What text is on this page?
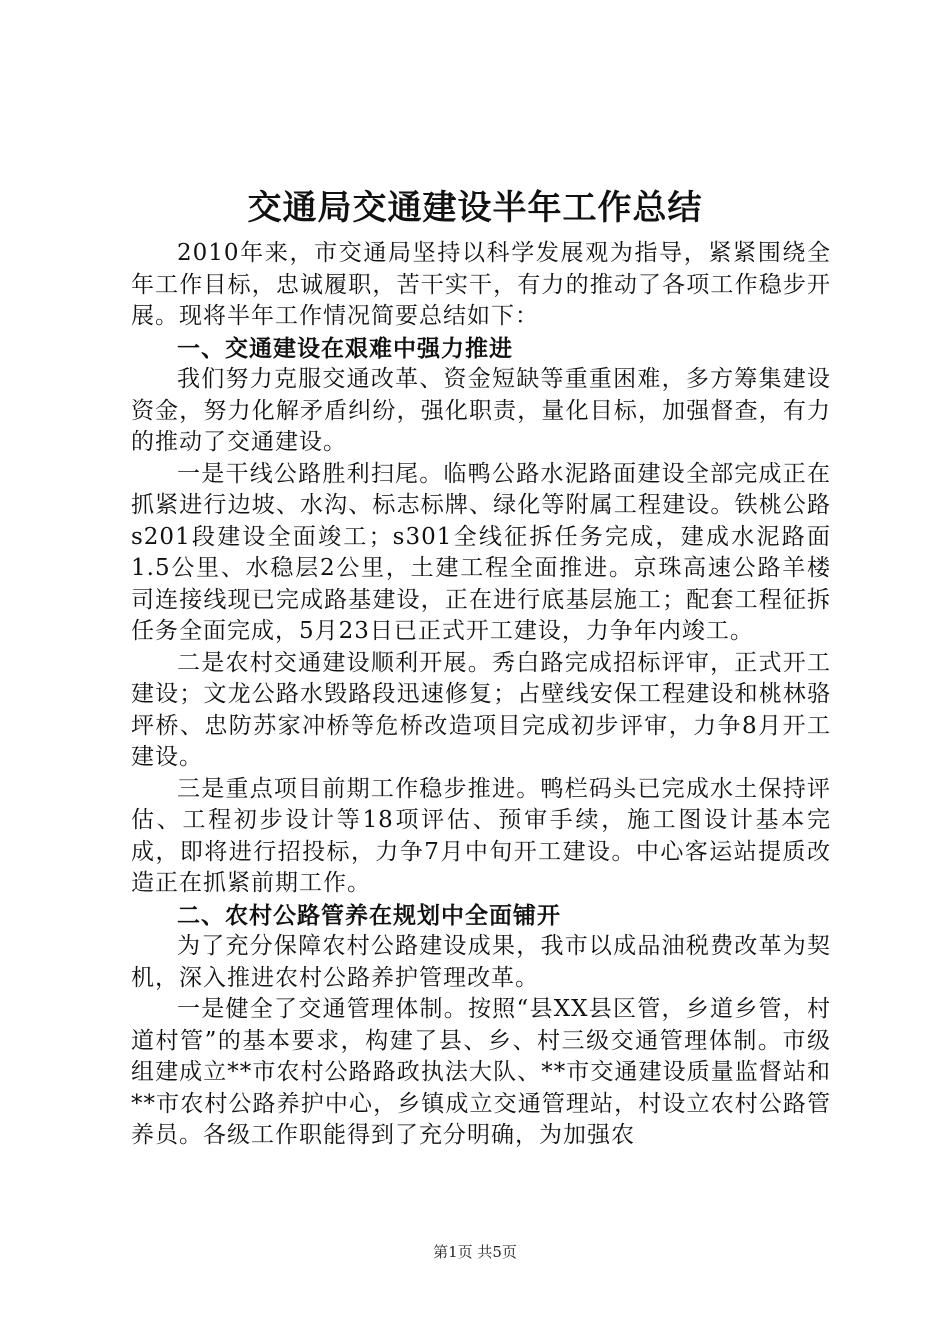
交通局交通建设半年工作总结

2010年来，市交通局坚持以科学发展观为指导，紧紧围绕全年工作目标，忠诚履职，苦干实干，有力的推动了各项工作稳步开展。现将半年工作情况简要总结如下：

一、交通建设在艰难中强力推进

我们努力克服交通改革、资金短缺等重重困难，多方筹集建设资金，努力化解矛盾纠纷，强化职责，量化目标，加强督查，有力的推动了交通建设。

一是干线公路胜利扫尾。临鸭公路水泥路面建设全部完成正在抓紧进行边坡、水沟、标志标牌、绿化等附属工程建设。铁桃公路s201段建设全面竣工；s301全线征拆任务完成，建成水泥路面1.5公里、水稳层2公里，土建工程全面推进。京珠高速公路羊楼司连接线现已完成路基建设，正在进行底基层施工；配套工程征拆任务全面完成，5月23日已正式开工建设，力争年内竣工。

二是农村交通建设顺利开展。秀白路完成招标评审，正式开工建设；文龙公路水毁路段迅速修复；占壁线安保工程建设和桃林骆坪桥、忠防苏家冲桥等危桥改造项目完成初步评审，力争8月开工建设。

三是重点项目前期工作稳步推进。鸭栏码头已完成水土保持评估、工程初步设计等18项评估、预审手续，施工图设计基本完成，即将进行招投标，力争7月中旬开工建设。中心客运站提质改造正在抓紧前期工作。

二、农村公路管养在规划中全面铺开

为了充分保障农村公路建设成果，我市以成品油税费改革为契机，深入推进农村公路养护管理改革。

一是健全了交通管理体制。按照“县XX县区管，乡道乡管，村道村管”的基本要求，构建了县、乡、村三级交通管理体制。市级组建成立**市农村公路路政执法大队、**市交通建设质量监督站和**市农村公路养护中心，乡镇成立交通管理站，村设立农村公路管养员。各级工作职能得到了充分明确，为加强农

第1页 共5页
